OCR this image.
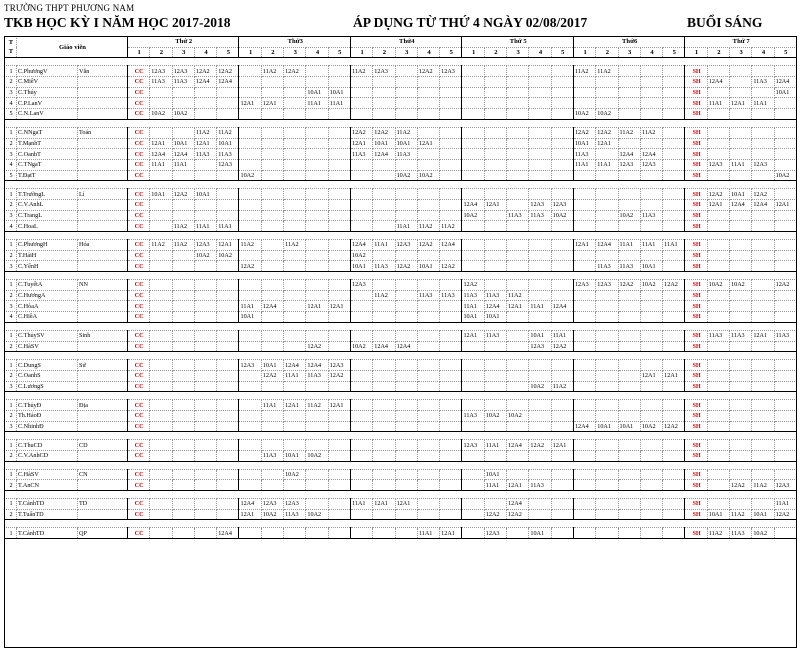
TRƯỜNG THPT PHƯƠNG NAM
TKB HỌC KỲ I NĂM HỌC 2017-2018	ÁP DỤNG TỪ THỨ 4 NGÀY 02/08/2017	BUỔI SÁNG
T
T	Giáo viên		Thứ 2					Thứ3					Thứ4					Thứ 5					Thứ6					Thứ 7				
			1	2	3	4	5	1	2	3	4	5	1	2	3	4	5	1	2	3	4	5	1	2	3	4	5	1	2	3	4	5

1	C.PhươngV	Văn	CC	12A3	12A3	12A2	12A2		11A2	12A2			11A2	12A3		12A2	12A3						11A2	11A2				SH				
2	C.MiêV		CC	11A3	11A3	12A4	12A4																					SH	12A4		11A3	12A4
3	C.Thúy		CC								10A1	10A1																SH				10A1
4	C.P.LanV		CC					12A1	12A1		11A1	11A1																SH	11A1	12A1	11A1	
5	C.N.LanV		CC	10A2	10A2																		10A2	10A2				SH				

1	C.NNgaT	Toán	CC			11A2	11A2						12A2	12A2	11A2								12A2	12A2	11A2	11A2		SH				
2	T.MạnhT		CC	12A1	10A1	12A1	10A1						12A1	10A1	10A1	12A1							10A1	12A1				SH				
3	C.OanhT		CC	12A4	12A4	11A3	11A3						11A3	12A4	11A3								11A3		12A4	12A4		SH				
4	C.TNgaT		CC	11A1	11A1		12A3																11A1	11A1	12A3	12A3		SH	12A3	11A1	12A3	
5	T.ĐạtT		CC					10A2							10A2	10A2												SH				10A2

1	T.TrườngL	Lí	CC	10A1	12A2	10A1																						SH	12A2	10A1	12A2	
2	C.V.AnhL		CC															12A4	12A1		12A3	12A3						SH	12A1	12A4	12A4	12A1
3	C.TrangL		CC															10A2		11A3	11A3	10A2			10A2	11A3		SH				
4	C.HoaL		CC		11A2	11A1	11A1								11A1	11A2	11A2											SH				

1	C.PhươngH	Hóa	CC	11A2	11A2	12A3	12A1	11A2		11A2			12A4	11A1	12A3	12A2	12A4						12A1	12A4	11A1	11A1	11A1	SH				
2	T.HảiH		CC			10A2	10A2						10A2															SH				
3	C.YếnH		CC					12A2					10A1	11A3	12A2	10A1	12A2							11A3	11A3	10A1		SH				

1	C.TuyếtA	NN	CC										12A3					12A2					12A3	12A3	12A2	10A2	12A2	SH	10A2	10A2		12A2
2	C.HươngA		CC											11A2		11A3	11A3	11A3	11A3	11A2								SH				
3	C.HòaA		CC					11A1	12A4		12A1	12A1						11A1	12A4	12A1	11A1	12A4						SH				
4	C.HiềA		CC					10A1										10A1	10A1									SH				

1	C.ThủySV	Sinh	CC															12A1	11A3		10A1	11A1						SH	11A3	11A3	12A1	11A3
2	C.HàSV		CC								12A2		10A2	12A4	12A4						12A3	12A2						SH				

1	C.DungS	Sử	CC					12A3	10A1	12A4	12A4	12A3																SH				
2	C.OanhS		CC						12A2	11A1	11A3	12A2														12A1	12A1	SH				
3	C.LươngS		CC																		10A2	11A2						SH				

1	C.ThủyĐ	Địa	CC						11A1	12A1	11A2	12A1																SH				
2	Th.HảoĐ		CC															11A3	10A2	10A2								SH				
3	C.NhinhĐ		CC																				12A4	10A1	10A1	10A2	12A2	SH				

1	C.ThuCD	CD	CC															12A3	11A1	12A4	12A2	12A1						SH				
2	C.V.AnhCD		CC						11A3	10A1	10A2																	SH				

1	C.HàSV	CN	CC							10A2									10A1									SH				
2	T.AnCN		CC																11A1	12A1	11A3							SH		12A2	11A2	12A3

1	T.CảnhTD	TD	CC					12A4	12A3	12A3			11A1	12A1	12A1					12A4								SH				11A1
2	T.TuấnTD		CC					12A1	10A2	11A3	10A2								12A2	12A2								SH	10A1	11A2	10A1	12A2

1	T.CảnhTD	QP	CC				12A4									11A1	12A1		12A3		10A1							SH	11A2	11A3	10A2	
